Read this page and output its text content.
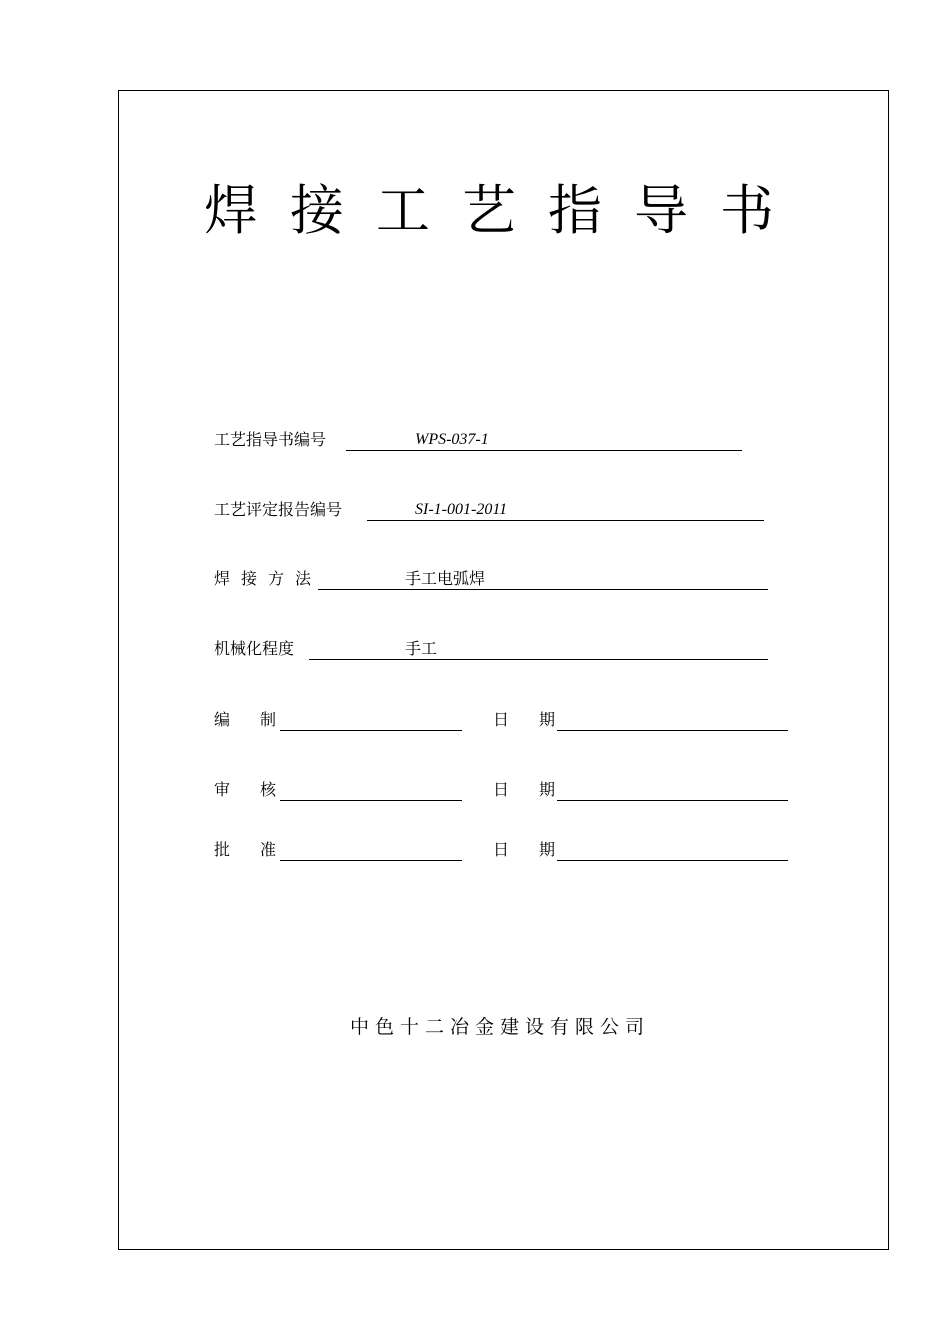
焊接工艺指导书
工艺指导书编号	WPS-037-1
工艺评定报告编号	SI-1-001-2011
焊接方法	手工电弧焊
机械化程度	手工
编制	日期
审核	日期
批准	日期
中色十二冶金建设有限公司
